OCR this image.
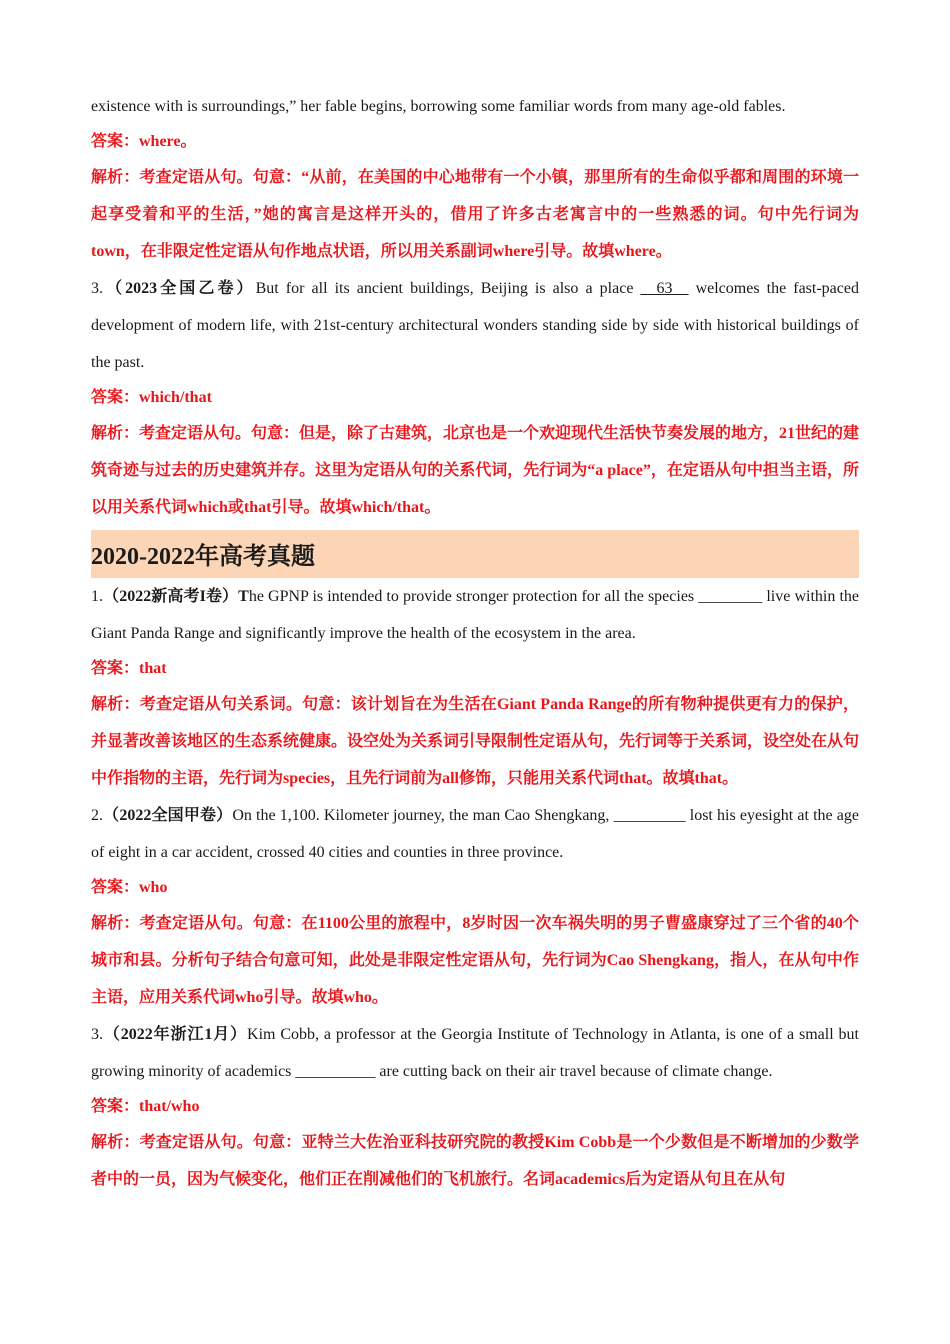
existence with is surroundings,” her fable begins, borrowing some familiar words from many age-old fables.

答案：where。

解析：考查定语从句。句意：“从前，在美国的中心地带有一个小镇，那里所有的生命似乎都和周围的环境一起享受着和平的生活，”她的寓言是这样开头的，借用了许多古老寓言中的一些熟悉的词。句中先行词为town，在非限定性定语从句作地点状语，所以用关系副词where引导。故填where。

3.（2023全国乙卷）But for all its ancient buildings, Beijing is also a place __63__ welcomes the fast-paced development of modern life, with 21st-century architectural wonders standing side by side with historical buildings of the past.

答案：which/that

解析：考查定语从句。句意：但是，除了古建筑，北京也是一个欢迎现代生活快节奏发展的地方，21世纪的建筑奇迹与过去的历史建筑并存。这里为定语从句的关系代词，先行词为“a place”，在定语从句中担当主语，所以用关系代词which或that引导。故填which/that。

2020-2022年高考真题

1.（2022新高考I卷）The GPNP is intended to provide stronger protection for all the species ________ live within the Giant Panda Range and significantly improve the health of the ecosystem in the area.

答案：that

解析：考查定语从句关系词。句意：该计划旨在为生活在Giant Panda Range的所有物种提供更有力的保护，并显著改善该地区的生态系统健康。设空处为关系词引导限制性定语从句，先行词等于关系词，设空处在从句中作指物的主语，先行词为species，且先行词前为all修饰，只能用关系代词that。故填that。

2.（2022全国甲卷）On the 1,100. Kilometer journey, the man Cao Shengkang, _________ lost his eyesight at the age of eight in a car accident, crossed 40 cities and counties in three province.

答案：who

解析：考查定语从句。句意：在1100公里的旅程中，8岁时因一次车祸失明的男子曹盛康穿过了三个省的40个城市和县。分析句子结合句意可知，此处是非限定性定语从句，先行词为Cao Shengkang，指人，在从句中作主语，应用关系代词who引导。故填who。

3.（2022年浙江1月）Kim Cobb, a professor at the Georgia Institute of Technology in Atlanta, is one of a small but growing minority of academics __________ are cutting back on their air travel because of climate change.

答案：that/who

解析：考查定语从句。句意：亚特兰大佐治亚科技研究院的教授Kim Cobb是一个少数但是不断增加的少数学者中的一员，因为气候变化，他们正在削减他们的飞机旅行。名词academics后为定语从句且在从句
